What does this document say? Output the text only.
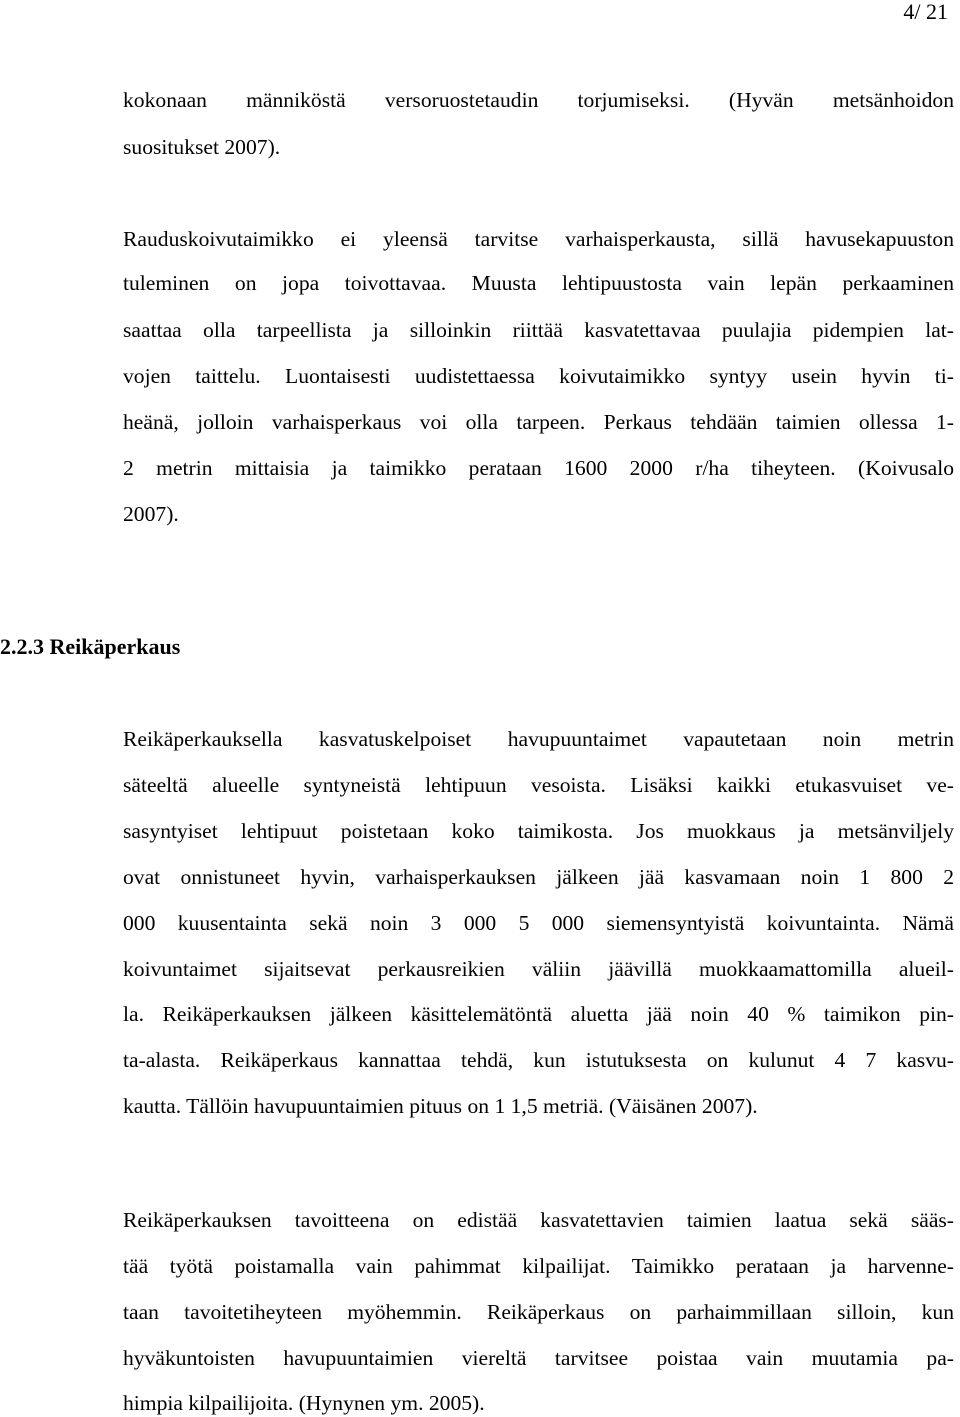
4/ 21
kokonaan männiköstä versoruostetaudin torjumiseksi. (Hyvän metsänhoidon
suositukset 2007).
Rauduskoivutaimikko ei yleensä tarvitse varhaisperkausta, sillä havusekapuuston
tuleminen on jopa toivottavaa. Muusta lehtipuustosta vain lepän perkaaminen
saattaa olla tarpeellista ja silloinkin riittää kasvatettavaa puulajia pidempien lat-
vojen taittelu. Luontaisesti uudistettaessa koivutaimikko syntyy usein hyvin ti-
heänä, jolloin varhaisperkaus voi olla tarpeen. Perkaus tehdään taimien ollessa 1-
2 metrin mittaisia ja taimikko perataan 1600 2000 r/ha tiheyteen. (Koivusalo
2007).
2.2.3 Reikäperkaus
Reikäperkauksella kasvatuskelpoiset havupuuntaimet vapautetaan noin metrin
säteeltä alueelle syntyneistä lehtipuun vesoista. Lisäksi kaikki etukasvuiset ve-
sasyntyiset lehtipuut poistetaan koko taimikosta. Jos muokkaus ja metsänviljely
ovat onnistuneet hyvin, varhaisperkauksen jälkeen jää kasvamaan noin 1 800 2
000 kuusentainta sekä noin 3 000 5 000 siemensyntyistä koivuntainta. Nämä
koivuntaimet sijaitsevat perkausreikien väliin jäävillä muokkaamattomilla alueil-
la. Reikäperkauksen jälkeen käsittelemätöntä aluetta jää noin 40 % taimikon pin-
ta-alasta. Reikäperkaus kannattaa tehdä, kun istutuksesta on kulunut 4 7 kasvu-
kautta. Tällöin havupuuntaimien pituus on 1 1,5 metriä. (Väisänen 2007).
Reikäperkauksen tavoitteena on edistää kasvatettavien taimien laatua sekä sääs-
tää työtä poistamalla vain pahimmat kilpailijat. Taimikko perataan ja harvenne-
taan tavoitetiheyteen myöhemmin. Reikäperkaus on parhaimmillaan silloin, kun
hyväkuntoisten havupuuntaimien viereltä tarvitsee poistaa vain muutamia pa-
himpia kilpailijoita. (Hynynen ym. 2005).
